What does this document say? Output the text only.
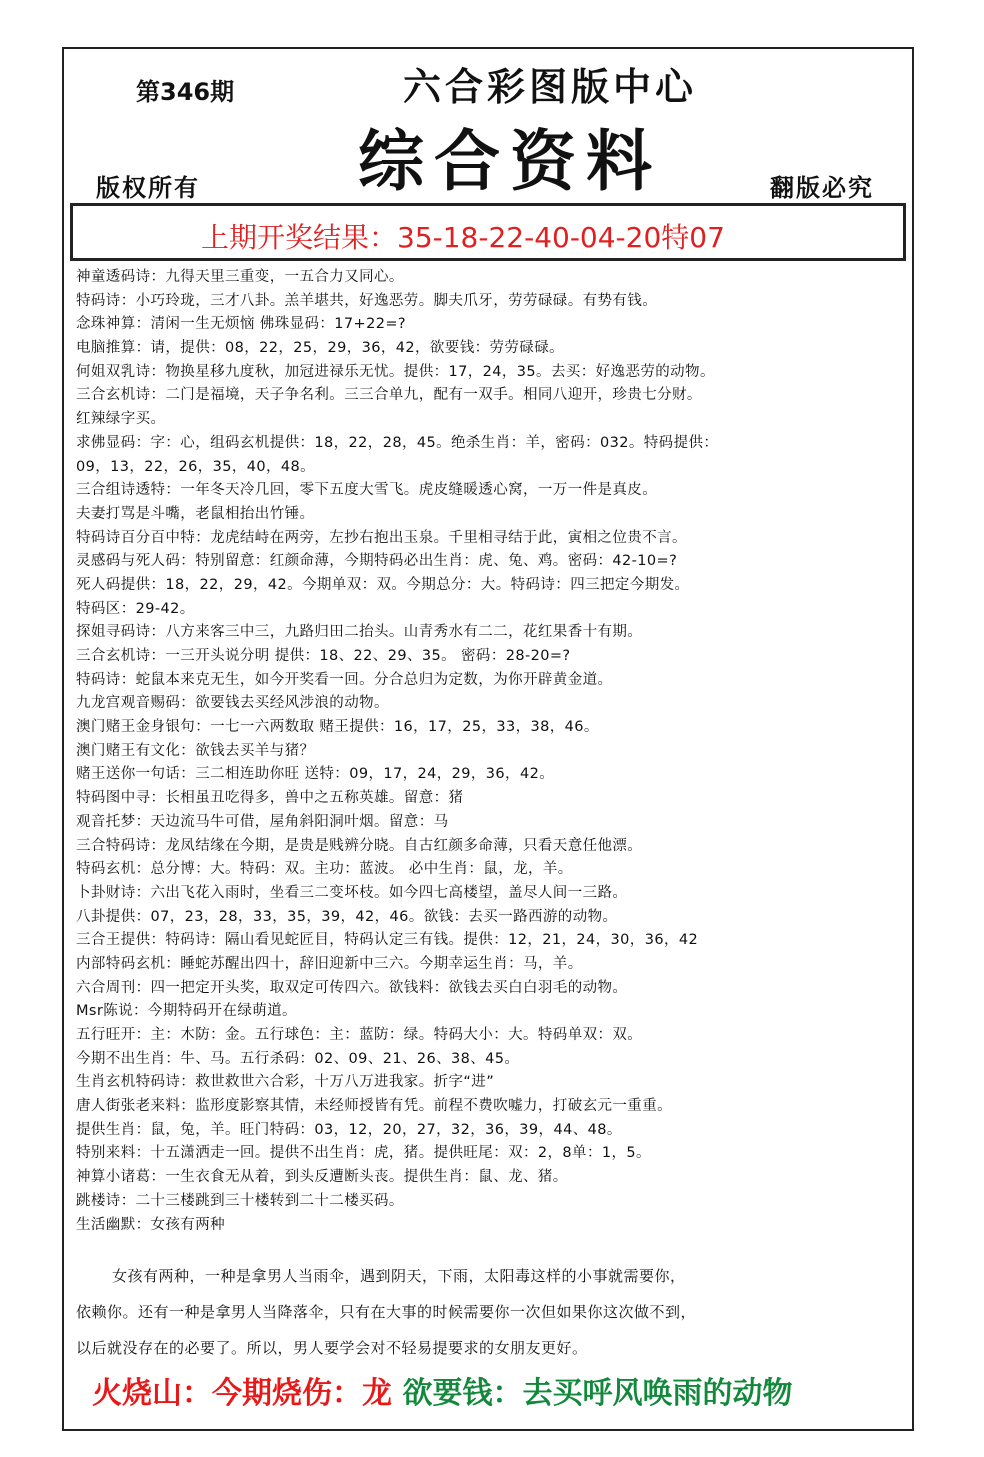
第346期	六合彩图版中心
综合资料
版权所有	翻版必究
上期开奖结果：35-18-22-40-04-20特07
神童透码诗：九得天里三重变，一五合力又同心。
特码诗：小巧玲珑，三才八卦。羔羊堪共，好逸恶劳。脚夫爪牙，劳劳碌碌。有势有钱。
念珠神算：清闲一生无烦恼 佛珠显码：17+22=?
电脑推算：请，提供：08，22，25，29，36，42，欲要钱：劳劳碌碌。
何姐双乳诗：物换星移九度秋，加冠进禄乐无忧。提供：17，24，35。去买：好逸恶劳的动物。
三合玄机诗：二门是福境，天子争名利。三三合单九，配有一双手。相同八迎开，珍贵七分财。
红辣绿字买。
求佛显码：字：心，组码玄机提供：18，22，28，45。绝杀生肖：羊，密码：032。特码提供：
09，13，22，26，35，40，48。
三合组诗透特：一年冬天冷几回，零下五度大雪飞。虎皮缝暖透心窝，一万一件是真皮。
夫妻打骂是斗嘴，老鼠相抬出竹锤。
特码诗百分百中特：龙虎结峙在两旁，左抄右抱出玉泉。千里相寻结于此，寅相之位贵不言。
灵感码与死人码：特别留意：红颜命薄，今期特码必出生肖：虎、兔、鸡。密码：42-10=?
死人码提供：18，22，29，42。今期单双：双。今期总分：大。特码诗：四三把定今期发。
特码区：29-42。
探姐寻码诗：八方来客三中三，九路归田二抬头。山青秀水有二二，花红果香十有期。
三合玄机诗：一三开头说分明 提供：18、22、29、35。 密码：28-20=?
特码诗：蛇鼠本来克无生，如今开奖看一回。分合总归为定数，为你开辟黄金道。
九龙宫观音赐码：欲要钱去买经风涉浪的动物。
澳门赌王金身银句：一七一六两数取 赌王提供：16，17，25，33，38，46。
澳门赌王有文化：欲钱去买羊与猪？
赌王送你一句话：三二相连助你旺 送特：09，17，24，29，36，42。
特码图中寻：长相虽丑吃得多，兽中之五称英雄。留意：猪
观音托梦：天边流马牛可借，屋角斜阳洞叶烟。留意：马
三合特码诗：龙凤结缘在今期，是贵是贱辨分晓。自古红颜多命薄，只看天意任他漂。
特码玄机：总分博：大。特码：双。主功：蓝波。 必中生肖：鼠，龙，羊。
卜卦财诗：六出飞花入雨时，坐看三二变坏枝。如今四七高楼望，盖尽人间一三路。
八卦提供：07，23，28，33，35，39，42，46。欲钱：去买一路西游的动物。
三合王提供：特码诗：隔山看见蛇匠目，特码认定三有钱。提供：12，21，24，30，36，42
内部特码玄机：睡蛇苏醒出四十，辞旧迎新中三六。今期幸运生肖：马，羊。
六合周刊：四一把定开头奖，取双定可传四六。欲钱料：欲钱去买白白羽毛的动物。
Msr陈说：今期特码开在绿萌道。
五行旺开：主：木防：金。五行球色：主：蓝防：绿。特码大小：大。特码单双：双。
今期不出生肖：牛、马。五行杀码：02、09、21、26、38、45。
生肖玄机特码诗：救世救世六合彩，十万八万进我家。折字“进”
唐人街张老来料：监形度影察其情，未经师授皆有凭。前程不费吹嘘力，打破玄元一重重。
提供生肖：鼠，兔，羊。旺门特码：03，12，20，27，32，36，39，44、48。
特别来料：十五潇洒走一回。提供不出生肖：虎，猪。提供旺尾：双：2，8单：1，5。
神算小诸葛：一生衣食无从着，到头反遭断头丧。提供生肖：鼠、龙、猪。
跳楼诗：二十三楼跳到三十楼转到二十二楼买码。
生活幽默：女孩有两种
女孩有两种，一种是拿男人当雨伞，遇到阴天，下雨，太阳毒这样的小事就需要你，
依赖你。还有一种是拿男人当降落伞，只有在大事的时候需要你一次但如果你这次做不到，
以后就没存在的必要了。所以，男人要学会对不轻易提要求的女朋友更好。
火烧山：今期烧伤：龙 欲要钱：去买呼风唤雨的动物
